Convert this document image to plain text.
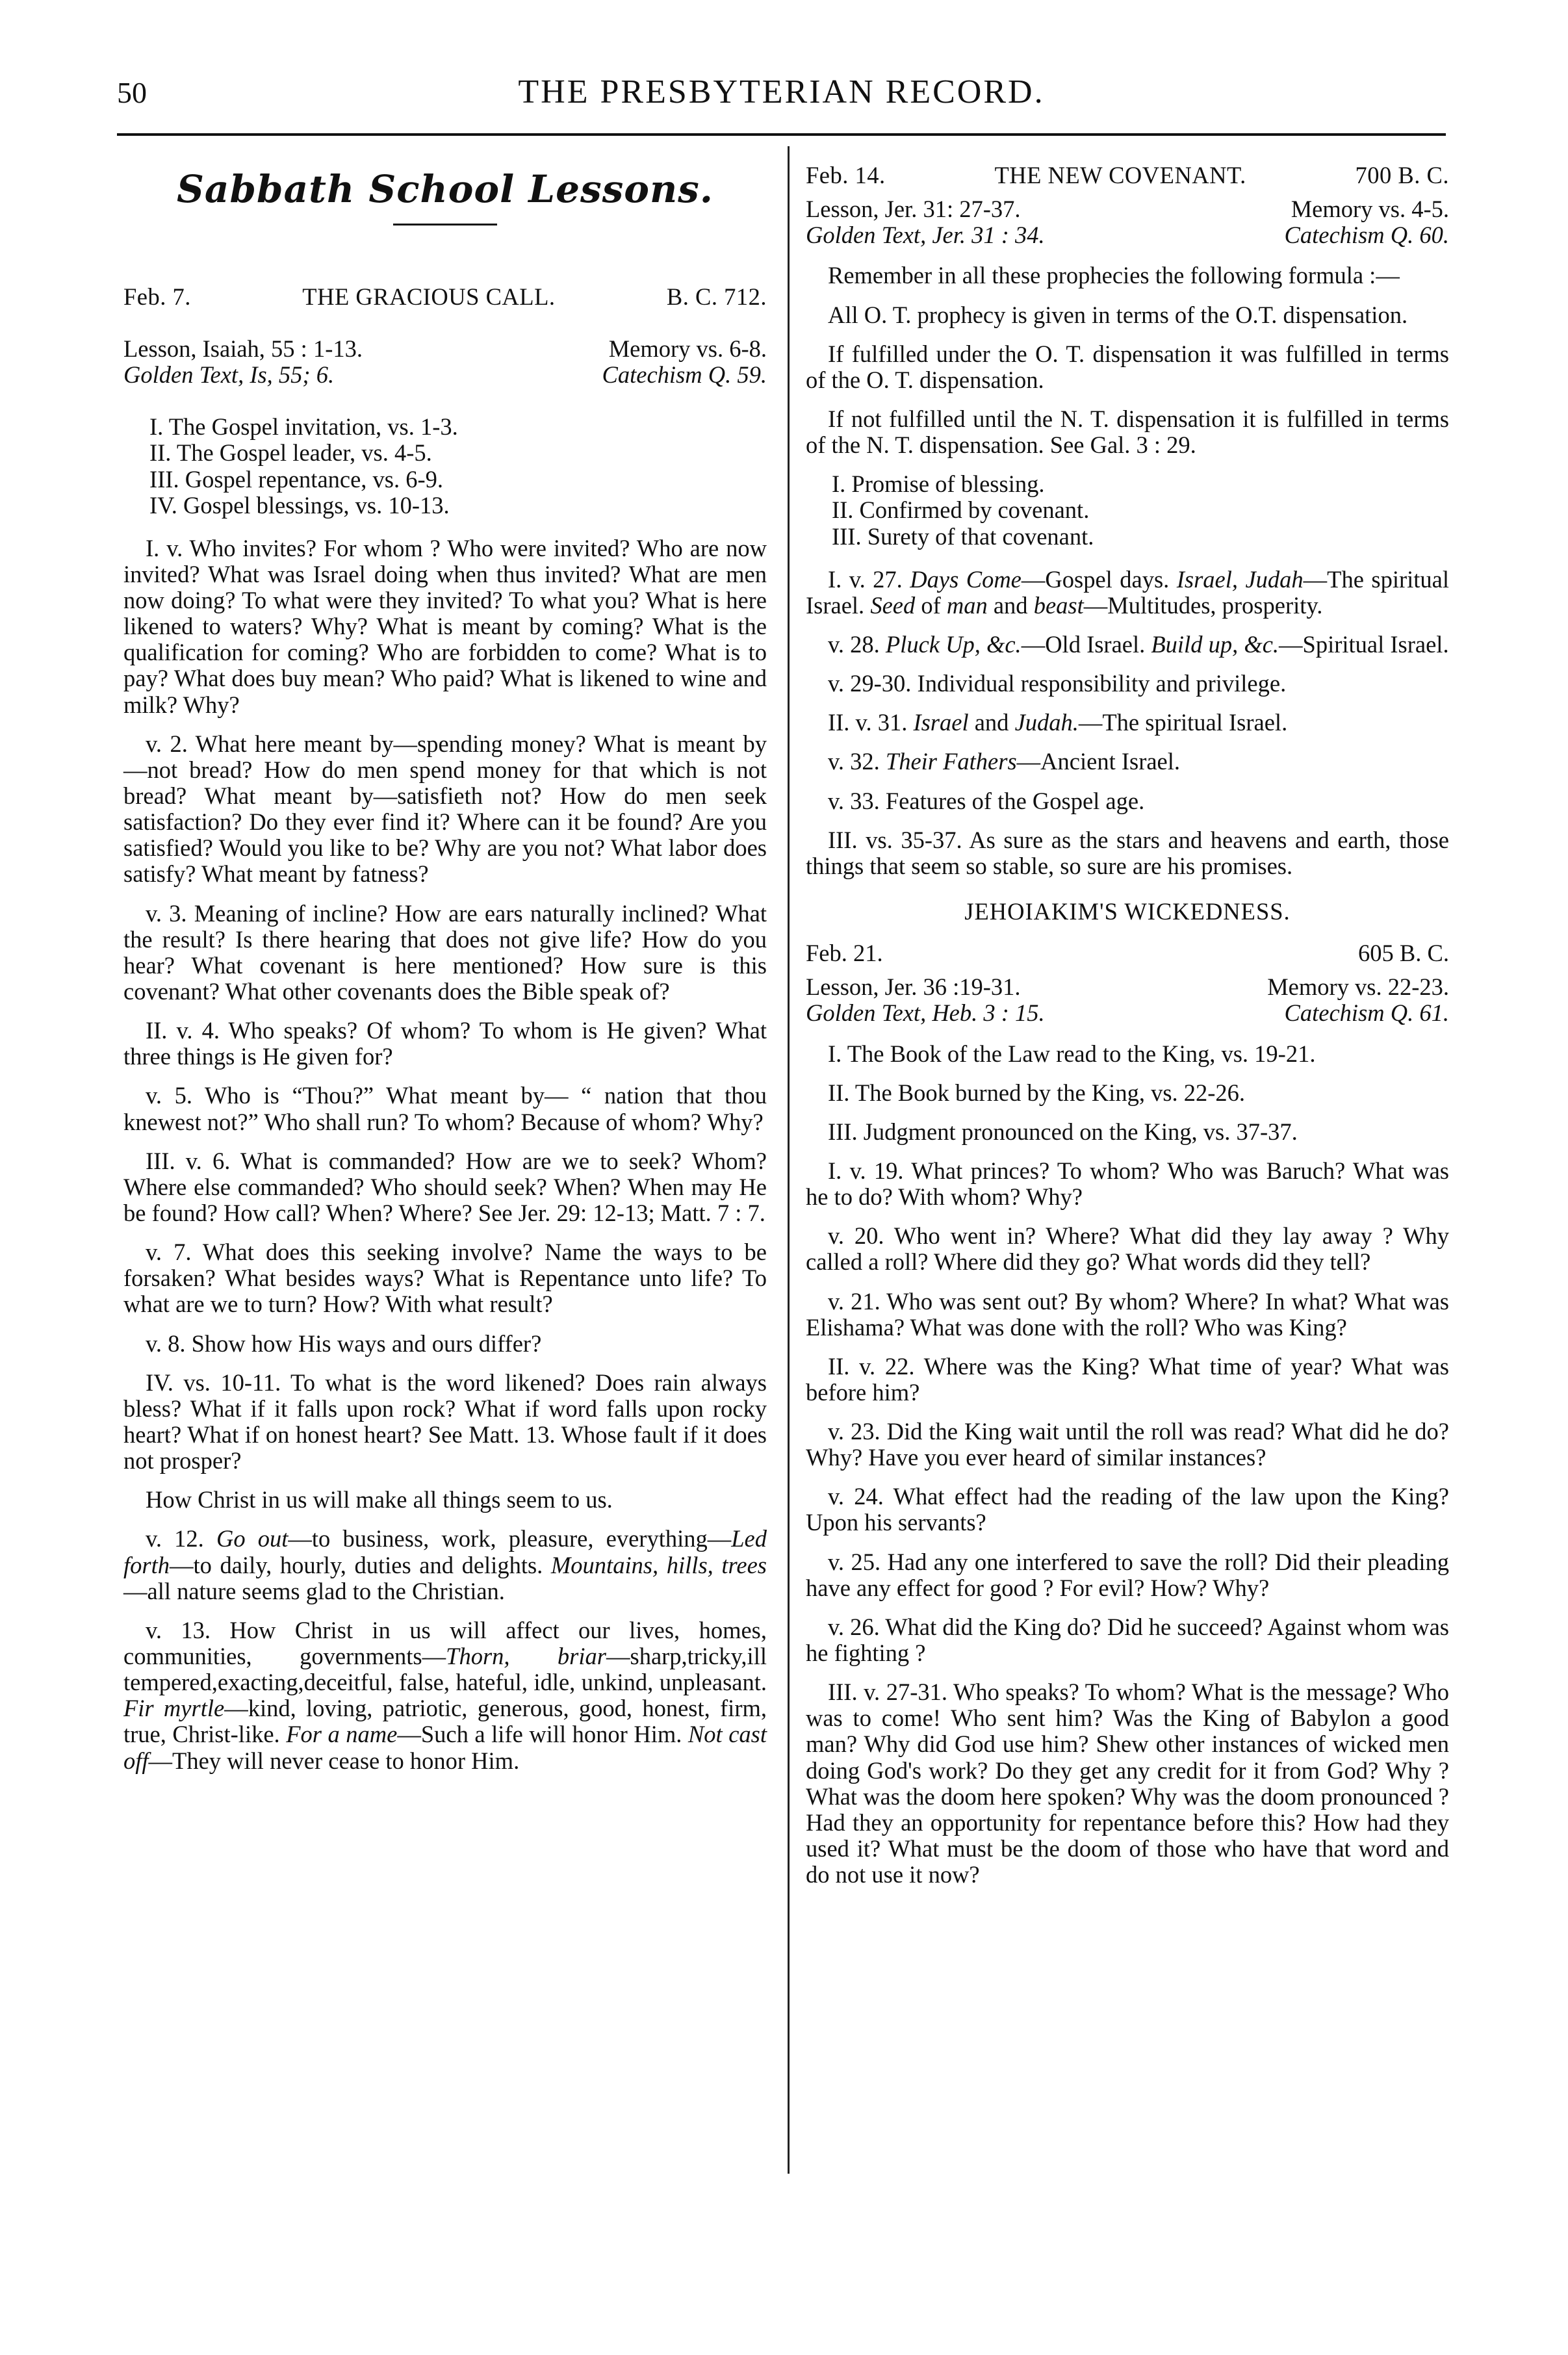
50	THE PRESBYTERIAN RECORD.
Sabbath School Lessons.
Feb. 7.	THE GRACIOUS CALL.	B. C. 712.
Lesson, Isaiah, 55 : 1-13.	Memory vs. 6-8.
Golden Text, Is, 55; 6.	Catechism Q. 59.
I. The Gospel invitation, vs. 1-3.
II. The Gospel leader, vs. 4-5.
III. Gospel repentance, vs. 6-9.
IV. Gospel blessings, vs. 10-13.

I. v. Who invites? For whom ? Who were invited? Who are now invited? What was Israel doing when thus invited? What are men now doing? To what were they invited? To what you? What is here likened to waters? Why? What is meant by coming? What is the qualification for coming? Who are forbidden to come? What is to pay? What does buy mean? Who paid? What is likened to wine and milk? Why?

v. 2. What here meant by—spending money? What is meant by—not bread? How do men spend money for that which is not bread? What meant by—satisfieth not? How do men seek satisfaction? Do they ever find it? Where can it be found? Are you satisfied? Would you like to be? Why are you not? What labor does satisfy? What meant by fatness?

v. 3. Meaning of incline? How are ears naturally inclined? What the result? Is there hearing that does not give life? How do you hear? What covenant is here mentioned? How sure is this covenant? What other covenants does the Bible speak of?

II. v. 4. Who speaks? Of whom? To whom is He given? What three things is He given for?

v. 5. Who is “Thou?” What meant by— “ nation that thou knewest not?” Who shall run? To whom? Because of whom? Why?

III. v. 6. What is commanded? How are we to seek? Whom? Where else commanded? Who should seek? When? When may He be found? How call? When? Where? See Jer. 29: 12-13; Matt. 7 : 7.

v. 7. What does this seeking involve? Name the ways to be forsaken? What besides ways? What is Repentance unto life? To what are we to turn? How? With what result?

v. 8. Show how His ways and ours differ?

IV. vs. 10-11. To what is the word likened? Does rain always bless? What if it falls upon rock? What if word falls upon rocky heart? What if on honest heart? See Matt. 13. Whose fault if it does not prosper?

How Christ in us will make all things seem to us.

v. 12. Go out—to business, work, pleasure, everything—Led forth—to daily, hourly, duties and delights. Mountains, hills, trees—all nature seems glad to the Christian.

v. 13. How Christ in us will affect our lives, homes, communities, governments—Thorn, briar—sharp,tricky,ill tempered,exacting,deceitful, false, hateful, idle, unkind, unpleasant. Fir myrtle—kind, loving, patriotic, generous, good, honest, firm, true, Christ-like. For a name—Such a life will honor Him. Not cast off—They will never cease to honor Him.

Feb. 14.	THE NEW COVENANT.	700 B. C.
Lesson, Jer. 31: 27-37.	Memory vs. 4-5.
Golden Text, Jer. 31 : 34.	Catechism Q. 60.

Remember in all these prophecies the following formula :—

All O. T. prophecy is given in terms of the O.T. dispensation.

If fulfilled under the O. T. dispensation it was fulfilled in terms of the O. T. dispensation.

If not fulfilled until the N. T. dispensation it is fulfilled in terms of the N. T. dispensation. See Gal. 3 : 29.

I. Promise of blessing.
II. Confirmed by covenant.
III. Surety of that covenant.

I. v. 27. Days Come—Gospel days. Israel, Judah—The spiritual Israel. Seed of man and beast—Multitudes, prosperity.

v. 28. Pluck Up, &c.—Old Israel. Build up, &c.—Spiritual Israel.

v. 29-30. Individual responsibility and privilege.

II. v. 31. Israel and Judah.—The spiritual Israel.

v. 32. Their Fathers—Ancient Israel.

v. 33. Features of the Gospel age.

III. vs. 35-37. As sure as the stars and heavens and earth, those things that seem so stable, so sure are his promises.

JEHOIAKIM'S WICKEDNESS.
Feb. 21.	605 B. C.
Lesson, Jer. 36 :19-31.	Memory vs. 22-23.
Golden Text, Heb. 3 : 15.	Catechism Q. 61.

I. The Book of the Law read to the King, vs. 19-21.

II. The Book burned by the King, vs. 22-26.

III. Judgment pronounced on the King, vs. 37-37.

I. v. 19. What princes? To whom? Who was Baruch? What was he to do? With whom? Why?

v. 20. Who went in? Where? What did they lay away ? Why called a roll? Where did they go? What words did they tell?

v. 21. Who was sent out? By whom? Where? In what? What was Elishama? What was done with the roll? Who was King?

II. v. 22. Where was the King? What time of year? What was before him?

v. 23. Did the King wait until the roll was read? What did he do? Why? Have you ever heard of similar instances?

v. 24. What effect had the reading of the law upon the King? Upon his servants?

v. 25. Had any one interfered to save the roll? Did their pleading have any effect for good ? For evil? How? Why?

v. 26. What did the King do? Did he succeed? Against whom was he fighting ?

III. v. 27-31. Who speaks? To whom? What is the message? Who was to come! Who sent him? Was the King of Babylon a good man? Why did God use him? Shew other instances of wicked men doing God's work? Do they get any credit for it from God? Why ? What was the doom here spoken? Why was the doom pronounced ? Had they an opportunity for repentance before this? How had they used it? What must be the doom of those who have that word and do not use it now?
